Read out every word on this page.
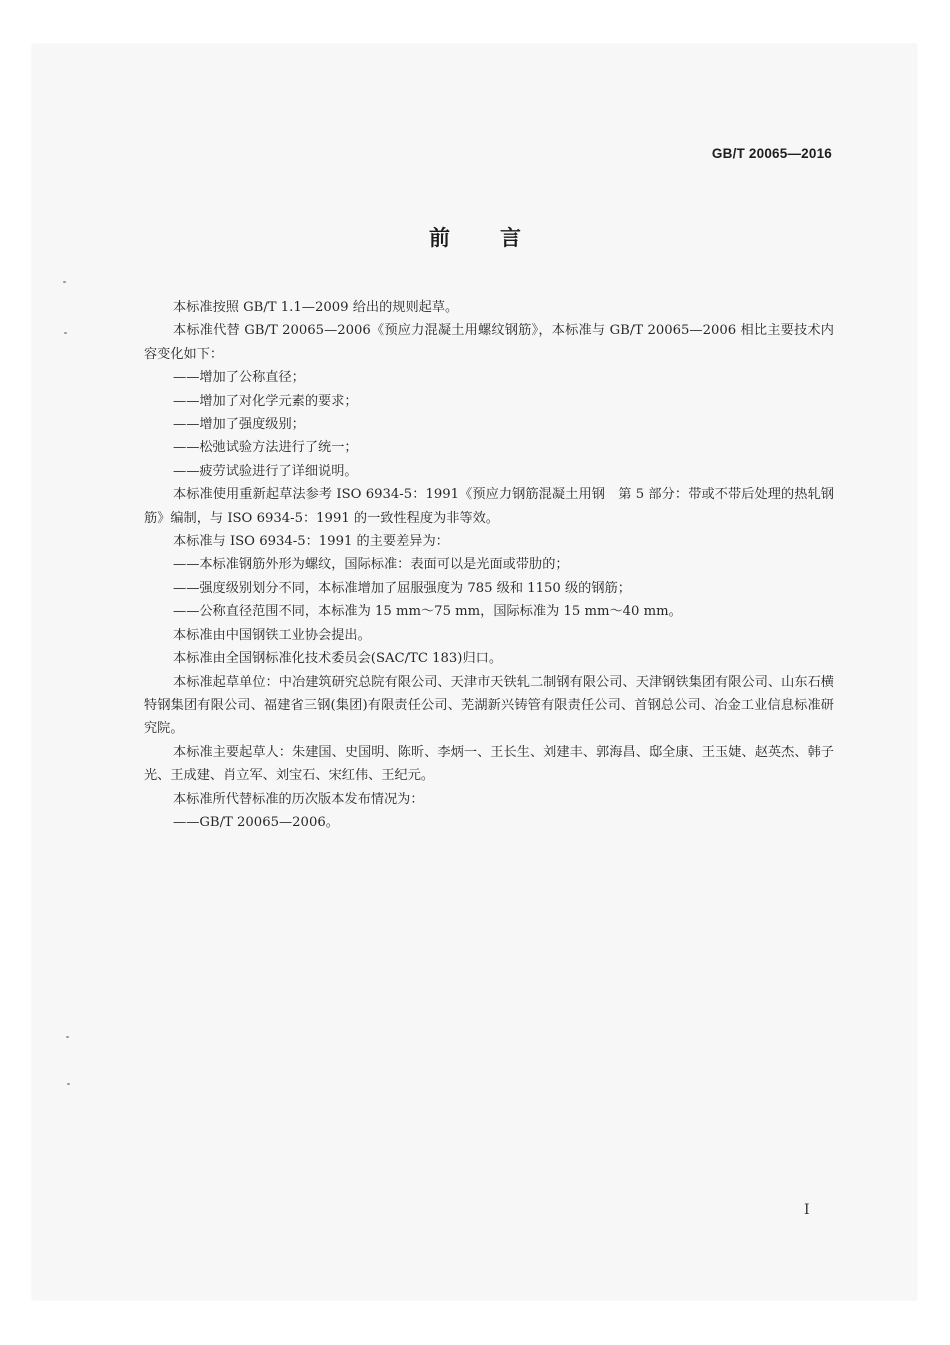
GB/T 20065—2016
前言

本标准按照 GB/T 1.1—2009 给出的规则起草。

本标准代替 GB/T 20065—2006《预应力混凝土用螺纹钢筋》，本标准与 GB/T 20065—2006 相比主要技术内容变化如下：

——增加了公称直径；

——增加了对化学元素的要求；

——增加了强度级别；

——松弛试验方法进行了统一；

——疲劳试验进行了详细说明。

本标准使用重新起草法参考 ISO 6934-5：1991《预应力钢筋混凝土用钢　第 5 部分：带或不带后处理的热轧钢筋》编制，与 ISO 6934-5：1991 的一致性程度为非等效。

本标准与 ISO 6934-5：1991 的主要差异为：

——本标准钢筋外形为螺纹，国际标准：表面可以是光面或带肋的；

——强度级别划分不同，本标准增加了屈服强度为 785 级和 1150 级的钢筋；

——公称直径范围不同，本标准为 15 mm～75 mm，国际标准为 15 mm～40 mm。

本标准由中国钢铁工业协会提出。

本标准由全国钢标准化技术委员会(SAC/TC 183)归口。

本标准起草单位：中冶建筑研究总院有限公司、天津市天铁轧二制钢有限公司、天津钢铁集团有限公司、山东石横特钢集团有限公司、福建省三钢(集团)有限责任公司、芜湖新兴铸管有限责任公司、首钢总公司、冶金工业信息标准研究院。

本标准主要起草人：朱建国、史国明、陈昕、李炳一、王长生、刘建丰、郭海昌、邸全康、王玉婕、赵英杰、韩子光、王成建、肖立军、刘宝石、宋红伟、王纪元。

本标准所代替标准的历次版本发布情况为：

——GB/T 20065—2006。

I
